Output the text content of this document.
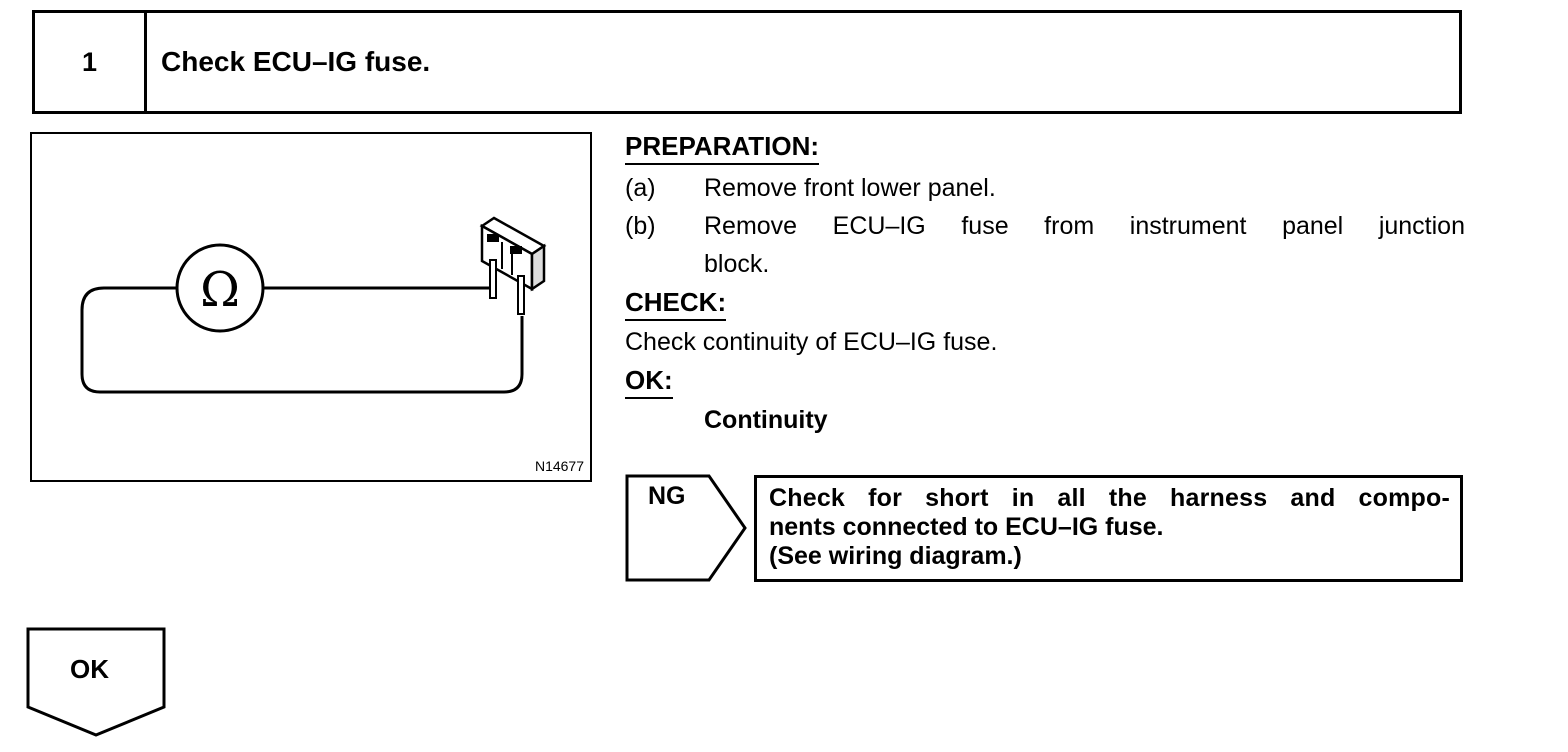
1	Check ECU–IG fuse.
Ω
N14677
PREPARATION:
(a)	Remove front lower panel.
(b)	Remove ECU–IG fuse from instrument panel junction
block.
CHECK:
Check continuity of ECU–IG fuse.
OK:
Continuity
NG	Check for short in all the harness and compo-
nents connected to ECU–IG fuse.
(See wiring diagram.)
OK
